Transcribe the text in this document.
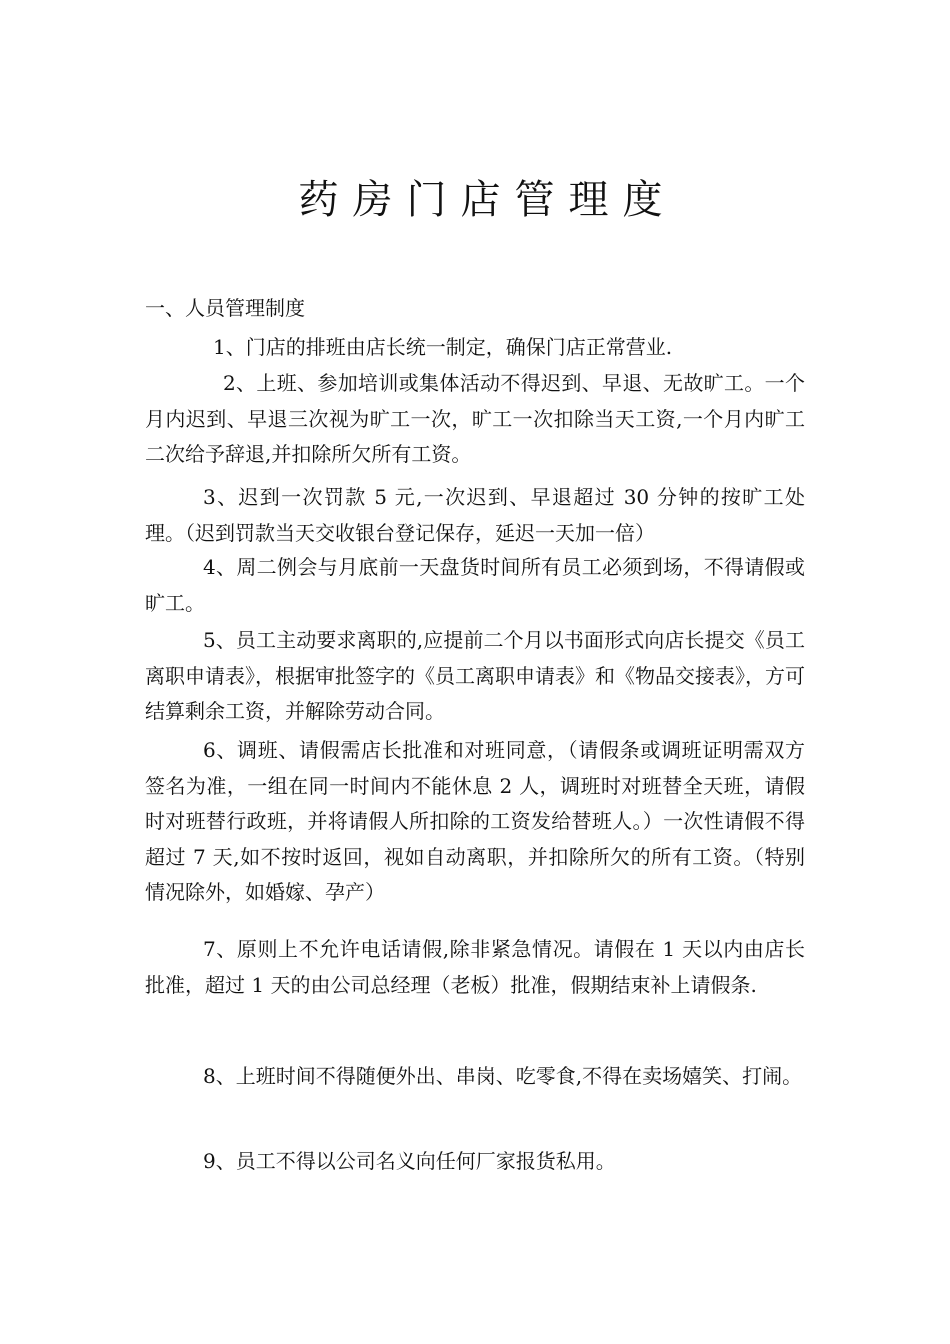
药房门店管理度
一、人员管理制度

1、门店的排班由店长统一制定，确保门店正常营业.

2、上班、参加培训或集体活动不得迟到、早退、无故旷工。一个月内迟到、早退三次视为旷工一次，旷工一次扣除当天工资,一个月内旷工二次给予辞退,并扣除所欠所有工资。

3、迟到一次罚款 5 元,一次迟到、早退超过 30 分钟的按旷工处理。（迟到罚款当天交收银台登记保存，延迟一天加一倍）

4、周二例会与月底前一天盘货时间所有员工必须到场，不得请假或旷工。

5、员工主动要求离职的,应提前二个月以书面形式向店长提交《员工离职申请表》，根据审批签字的《员工离职申请表》和《物品交接表》，方可结算剩余工资，并解除劳动合同。

6、调班、请假需店长批准和对班同意，（请假条或调班证明需双方签名为准，一组在同一时间内不能休息 2 人，调班时对班替全天班，请假时对班替行政班，并将请假人所扣除的工资发给替班人。）一次性请假不得超过 7 天,如不按时返回，视如自动离职，并扣除所欠的所有工资。（特别情况除外，如婚嫁、孕产）

7、原则上不允许电话请假,除非紧急情况。请假在 1 天以内由店长批准，超过 1 天的由公司总经理（老板）批准，假期结束补上请假条.

8、上班时间不得随便外出、串岗、吃零食,不得在卖场嬉笑、打闹。

9、员工不得以公司名义向任何厂家报货私用。
